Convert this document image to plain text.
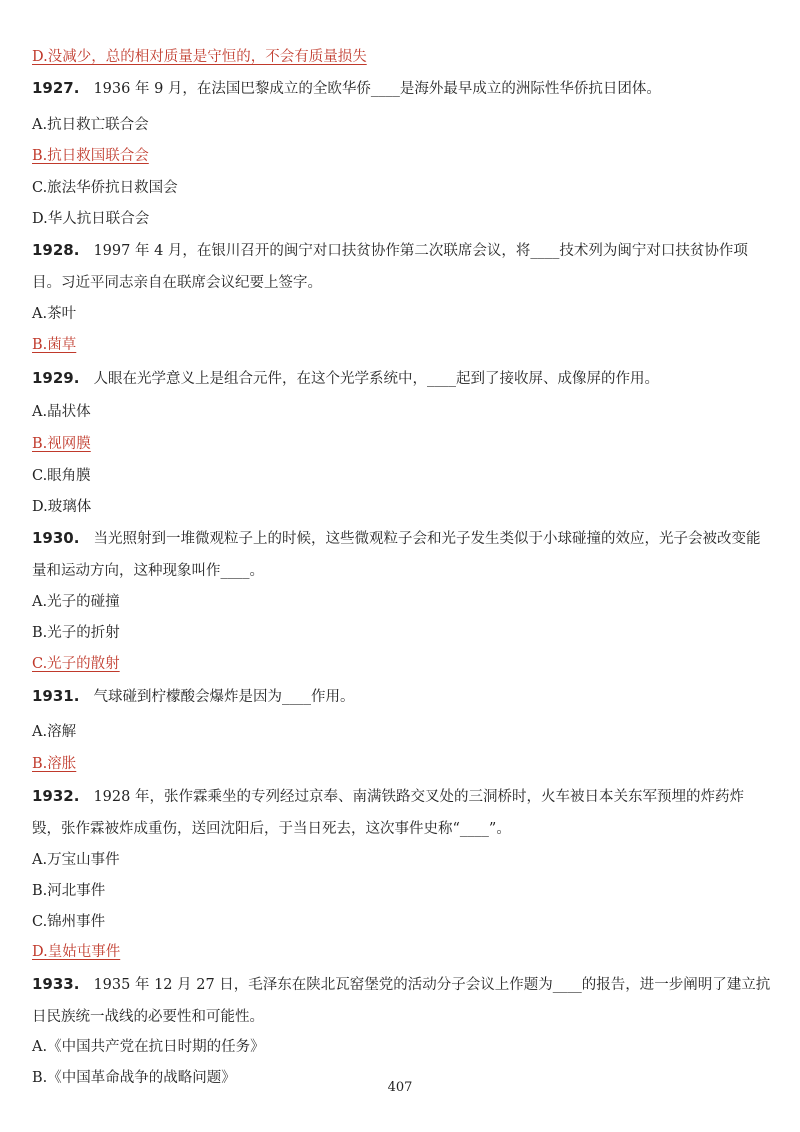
D.没减少，总的相对质量是守恒的，不会有质量损失
1927. 1936 年 9 月，在法国巴黎成立的全欧华侨____是海外最早成立的洲际性华侨抗日团体。
A.抗日救亡联合会
B.抗日救国联合会
C.旅法华侨抗日救国会
D.华人抗日联合会
1928. 1997 年 4 月，在银川召开的闽宁对口扶贫协作第二次联席会议，将____技术列为闽宁对口扶贫协作项目。习近平同志亲自在联席会议纪要上签字。
A.茶叶
B.菌草
1929. 人眼在光学意义上是组合元件，在这个光学系统中，____起到了接收屏、成像屏的作用。
A.晶状体
B.视网膜
C.眼角膜
D.玻璃体
1930. 当光照射到一堆微观粒子上的时候，这些微观粒子会和光子发生类似于小球碰撞的效应，光子会被改变能量和运动方向，这种现象叫作____。
A.光子的碰撞
B.光子的折射
C.光子的散射
1931. 气球碰到柠檬酸会爆炸是因为____作用。
A.溶解
B.溶胀
1932. 1928 年，张作霖乘坐的专列经过京奉、南满铁路交叉处的三洞桥时，火车被日本关东军预埋的炸药炸毁，张作霖被炸成重伤，送回沈阳后，于当日死去，这次事件史称“____”。
A.万宝山事件
B.河北事件
C.锦州事件
D.皇姑屯事件
1933. 1935 年 12 月 27 日，毛泽东在陕北瓦窑堡党的活动分子会议上作题为____的报告，进一步阐明了建立抗日民族统一战线的必要性和可能性。
A.《中国共产党在抗日时期的任务》
B.《中国革命战争的战略问题》
407
